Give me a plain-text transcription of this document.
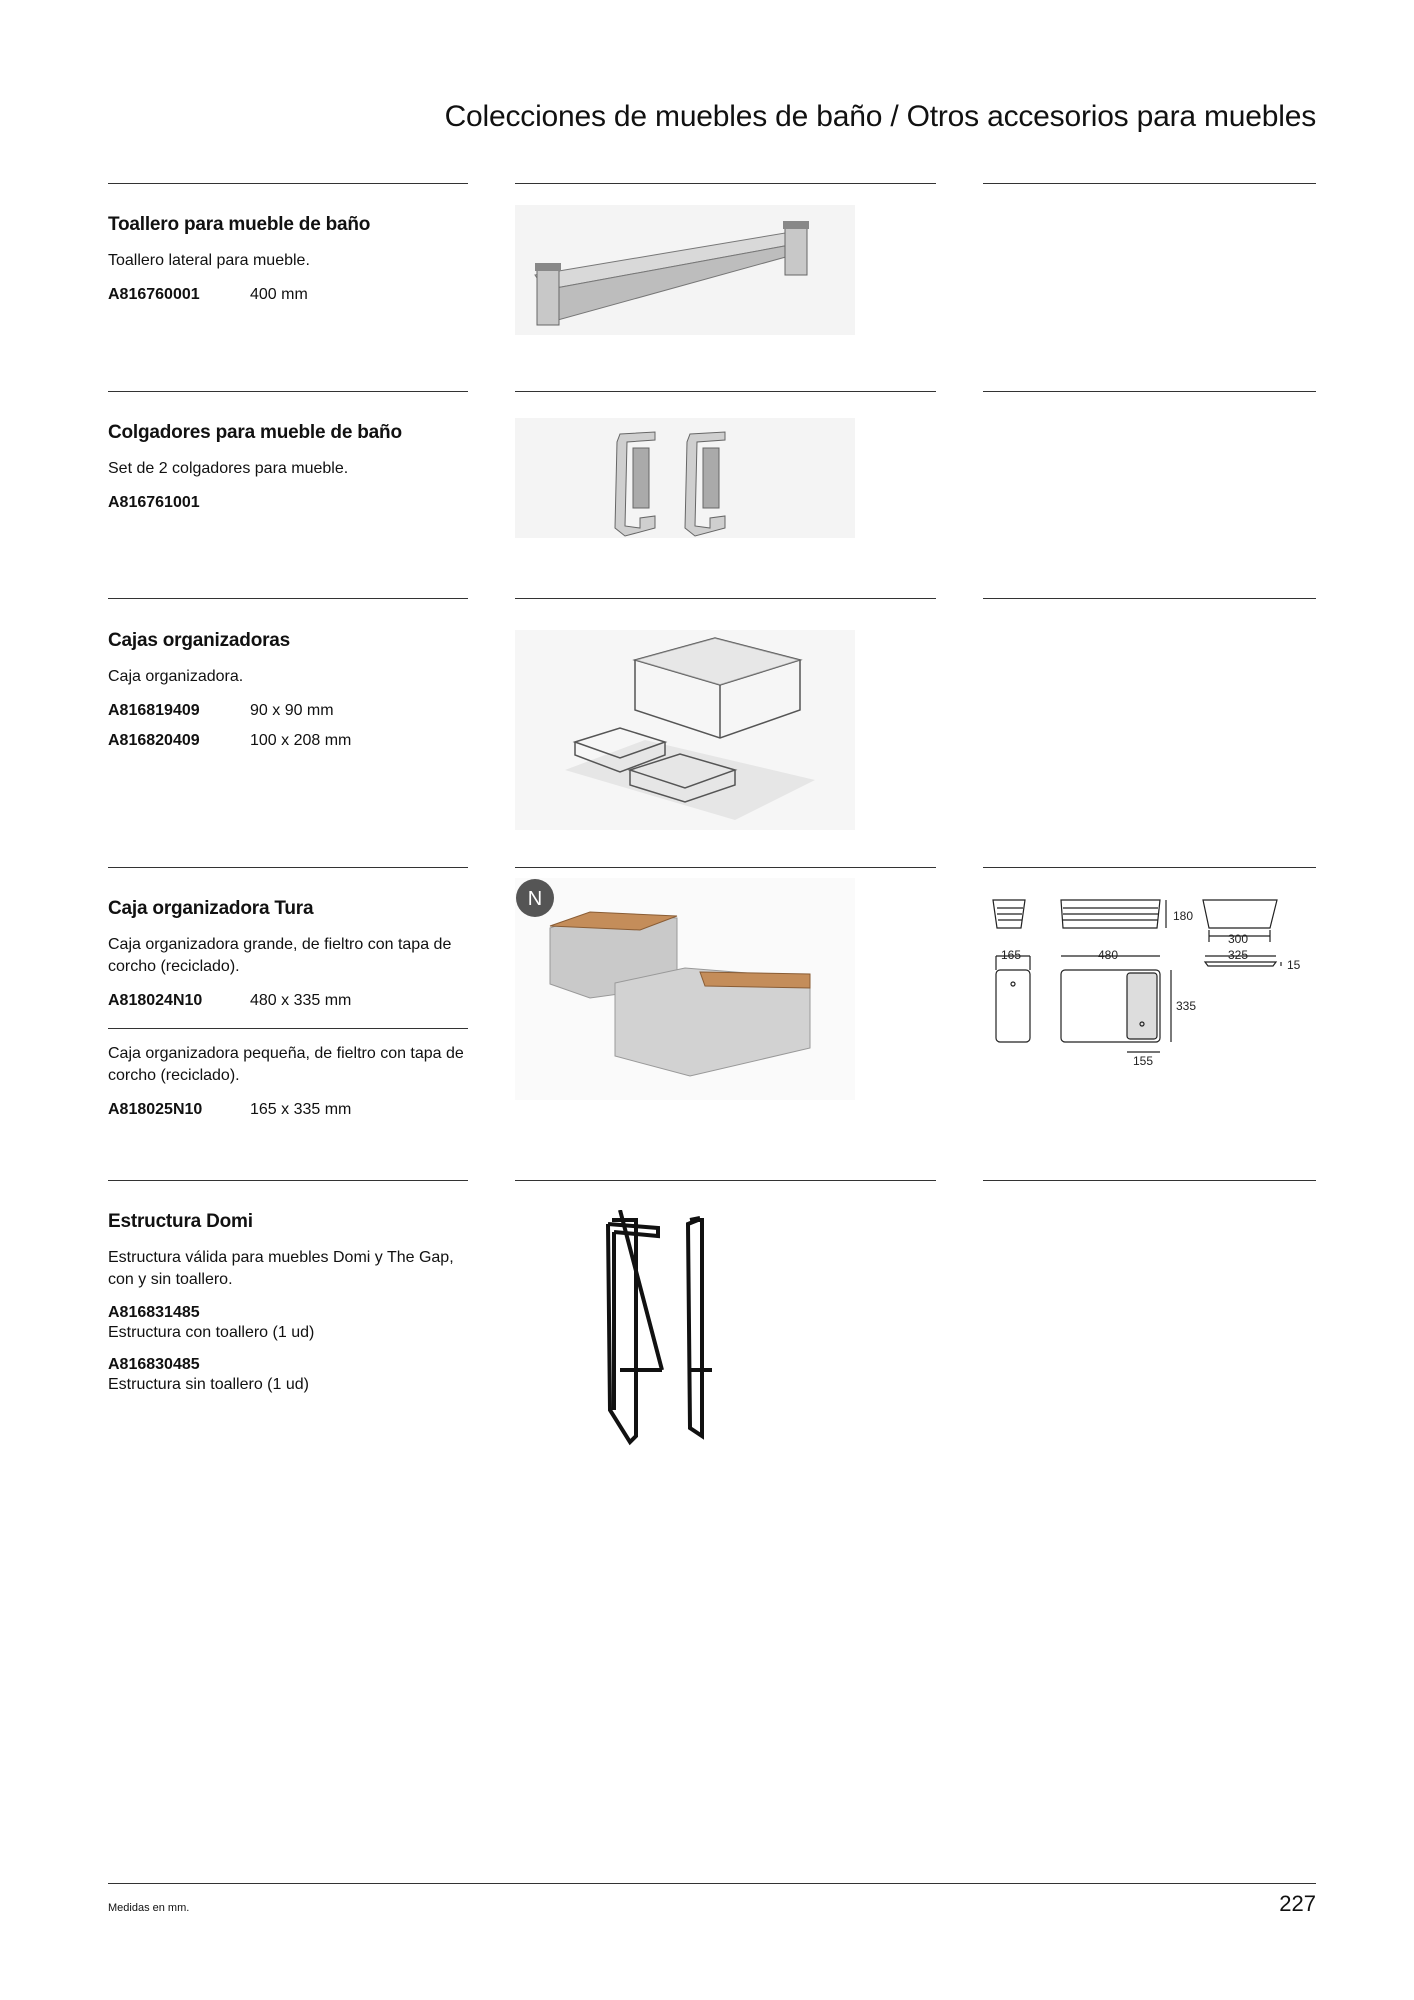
Colecciones de muebles de baño / Otros accesorios para muebles
Toallero para mueble de baño
Toallero lateral para mueble.
A816760001	400 mm
Colgadores para mueble de baño
Set de 2 colgadores para mueble.
A816761001
Cajas organizadoras
Caja organizadora.
A816819409	90 x 90 mm
A816820409	100 x 208 mm
Caja organizadora Tura
Caja organizadora grande, de fieltro con tapa de corcho (reciclado).
A818024N10	480 x 335 mm
Caja organizadora pequeña, de fieltro con tapa de corcho (reciclado).
A818025N10	165 x 335 mm
N
180
300
325
15
165	480
335
155
Estructura Domi
Estructura válida para muebles Domi y The Gap, con y sin toallero.
A816831485
Estructura con toallero (1 ud)
A816830485
Estructura sin toallero (1 ud)
Medidas en mm.	227
